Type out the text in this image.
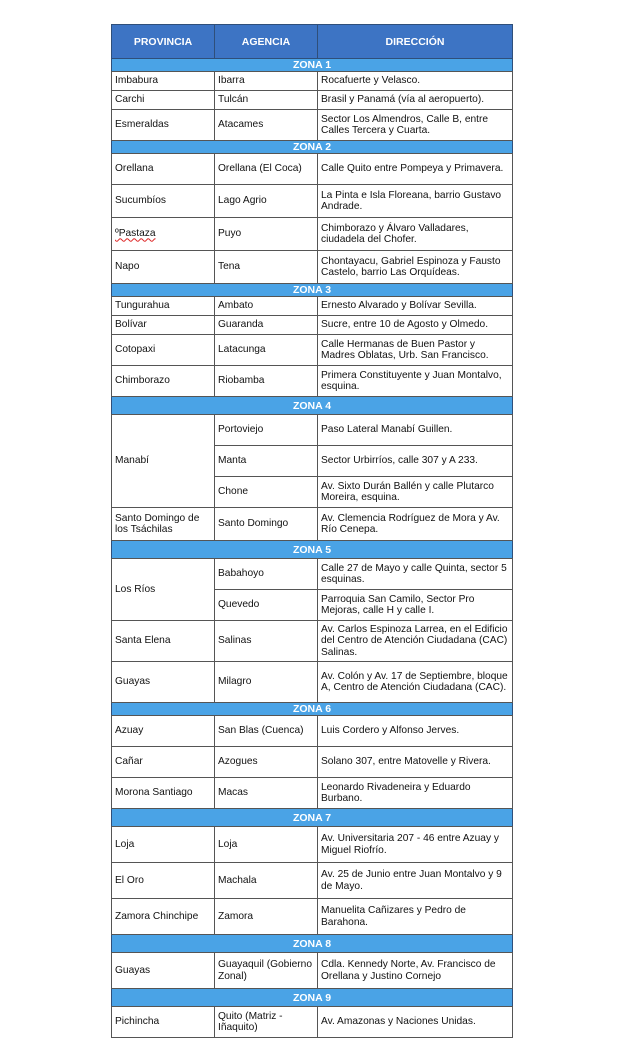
PROVINCIA	AGENCIA	DIRECCIÓN
ZONA 1		
Imbabura	Ibarra	Rocafuerte y Velasco.
Carchi	Tulcán	Brasil y Panamá (vía al aeropuerto).
Esmeraldas	Atacames	Sector Los Almendros, Calle B, entre Calles Tercera y Cuarta.
ZONA 2		
Orellana	Orellana (El Coca)	Calle Quito entre Pompeya y Primavera.
Sucumbíos	Lago Agrio	La Pinta e Isla Floreana, barrio Gustavo Andrade.
ºPastaza	Puyo	Chimborazo y Álvaro Valladares, ciudadela del Chofer.
Napo	Tena	Chontayacu, Gabriel Espinoza y Fausto Castelo, barrio Las Orquídeas.
ZONA 3		
Tungurahua	Ambato	Ernesto Alvarado y Bolívar Sevilla.
Bolívar	Guaranda	Sucre, entre 10 de Agosto y Olmedo.
Cotopaxi	Latacunga	Calle Hermanas de Buen Pastor y Madres Oblatas, Urb. San Francisco.
Chimborazo	Riobamba	Primera Constituyente y Juan Montalvo, esquina.
ZONA 4		
Manabí	Portoviejo	Paso Lateral Manabí Guillen.
	Manta	Sector Urbirríos, calle 307 y A 233.
	Chone	Av. Sixto Durán Ballén y calle Plutarco Moreira, esquina.
Santo Domingo de los Tsáchilas	Santo Domingo	Av. Clemencia Rodríguez de Mora y Av. Río Cenepa.
ZONA 5		
Los Ríos	Babahoyo	Calle 27 de Mayo y calle Quinta, sector 5 esquinas.
	Quevedo	Parroquia San Camilo, Sector Pro Mejoras, calle H y calle I.
Santa Elena	Salinas	Av. Carlos Espinoza Larrea, en el Edificio del Centro de Atención Ciudadana (CAC) Salinas.
Guayas	Milagro	Av. Colón y Av. 17 de Septiembre, bloque A, Centro de Atención Ciudadana (CAC).
ZONA 6		
Azuay	San Blas (Cuenca)	Luis Cordero y Alfonso Jerves.
Cañar	Azogues	Solano 307, entre Matovelle y Rivera.
Morona Santiago	Macas	Leonardo Rivadeneira y Eduardo Burbano.
ZONA 7		
Loja	Loja	Av. Universitaria 207 - 46 entre Azuay y Miguel Riofrío.
El Oro	Machala	Av. 25 de Junio entre Juan Montalvo y 9 de Mayo.
Zamora Chinchipe	Zamora	Manuelita Cañizares y Pedro de Barahona.
ZONA 8		
Guayas	Guayaquil (Gobierno Zonal)	Cdla. Kennedy Norte, Av. Francisco de Orellana y Justino Cornejo
ZONA 9		
Pichincha	Quito (Matriz - Iñaquito)	Av. Amazonas y Naciones Unidas.
